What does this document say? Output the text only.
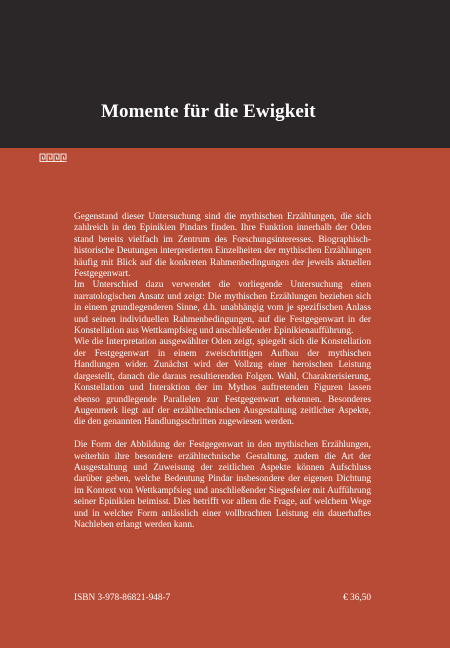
Momente für die Ewigkeit

Gegenstand dieser Untersuchung sind die mythischen Erzählungen, die sich zahlreich in den Epinikien Pindars finden. Ihre Funktion innerhalb der Oden stand bereits vielfach im Zentrum des Forschungsinteresses. Biographisch-historische Deutungen interpretierten Einzelheiten der mythischen Erzählungen häufig mit Blick auf die konkreten Rahmenbedingungen der jeweils aktuellen Festgegenwart.

Im Unterschied dazu verwendet die vorliegende Untersuchung einen narratologischen Ansatz und zeigt: Die mythischen Erzählungen beziehen sich in einem grundlegenderen Sinne, d.h. unabhängig vom je spezifischen Anlass und seinen individuellen Rahmenbedingungen, auf die Festgegenwart in der Konstellation aus Wettkampfsieg und anschließender Epinikienaufführung.

Wie die Interpretation ausgewählter Oden zeigt, spiegelt sich die Konstellation der Festgegenwart in einem zweischrittigen Aufbau der mythischen Handlungen wider. Zunächst wird der Vollzug einer heroischen Leistung dargestellt, danach die daraus resultierenden Folgen. Wahl, Charakterisierung, Konstellation und Interaktion der im Mythos auftretenden Figuren lassen ebenso grundlegende Parallelen zur Festgegenwart erkennen. Besonderes Augenmerk liegt auf der erzähltechnischen Ausgestaltung zeitlicher Aspekte, die den genannten Handlungsschritten zugewiesen werden.

Die Form der Abbildung der Festgegenwart in den mythischen Erzählungen, weiterhin ihre besondere erzähltechnische Gestaltung, zudem die Art der Ausgestaltung und Zuweisung der zeitlichen Aspekte können Aufschluss darüber geben, welche Bedeutung Pindar insbesondere der eigenen Dichtung im Kontext von Wettkampfsieg und anschließender Siegesfeier mit Aufführung seiner Epinikien beimisst. Dies betrifft vor allem die Frage, auf welchem Wege und in welcher Form anlässlich einer vollbrachten Leistung ein dauerhaftes Nachleben erlangt werden kann.

ISBN 3-978-86821-948-7	€ 36,50
